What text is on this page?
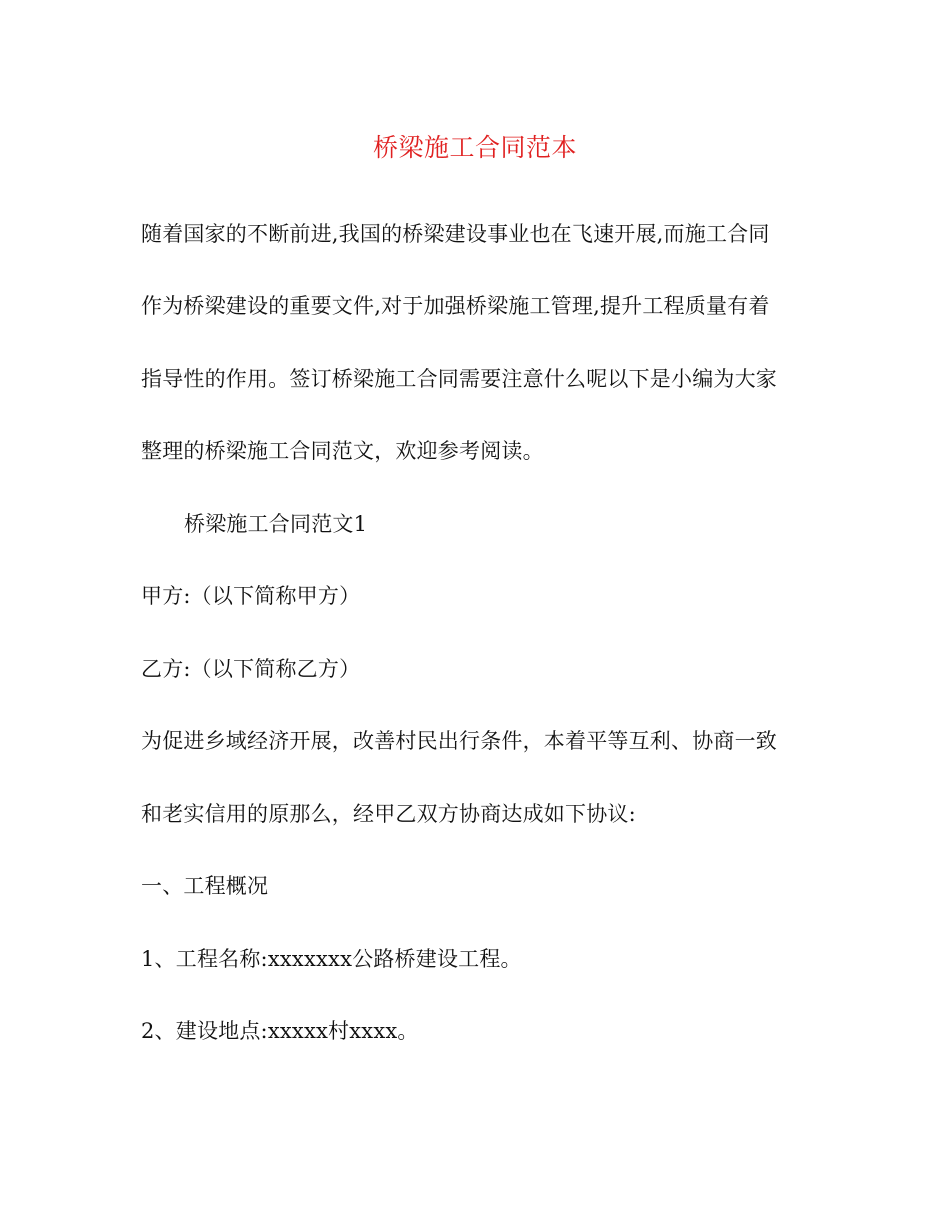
桥梁施工合同范本
随着国家的不断前进,我国的桥梁建设事业也在飞速开展,而施工合同
作为桥梁建设的重要文件,对于加强桥梁施工管理,提升工程质量有着
指导性的作用。签订桥梁施工合同需要注意什么呢以下是小编为大家
整理的桥梁施工合同范文，欢迎参考阅读。
桥梁施工合同范文1
甲方:（以下简称甲方）
乙方:（以下简称乙方）
为促进乡域经济开展，改善村民出行条件，本着平等互利、协商一致
和老实信用的原那么，经甲乙双方协商达成如下协议:
一、工程概况
1、工程名称:xxxxxxx公路桥建设工程。
2、建设地点:xxxxx村xxxx。
